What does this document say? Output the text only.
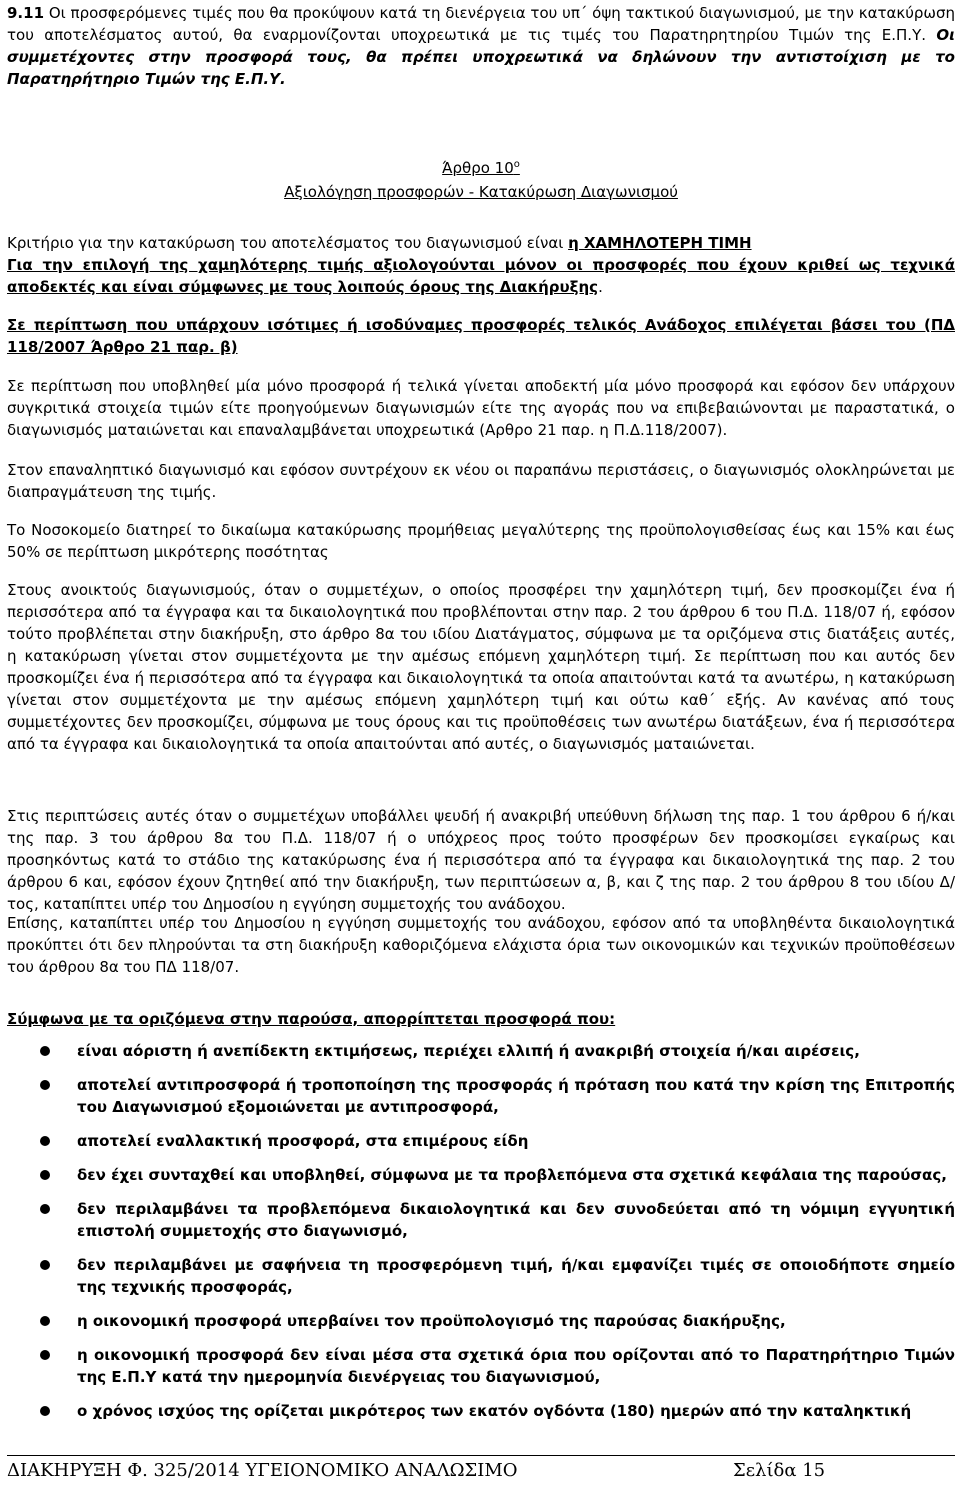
9.11 Οι προσφερόμενες τιμές που θα προκύψουν κατά τη διενέργεια του υπ΄ όψη τακτικού διαγωνισμού, με την κατακύρωση του αποτελέσματος αυτού, θα εναρμονίζονται υποχρεωτικά με τις τιμές του Παρατηρητηρίου Τιμών της Ε.Π.Υ. Οι συμμετέχοντες στην προσφορά τους, θα πρέπει υποχρεωτικά να δηλώνουν την αντιστοίχιση με το Παρατηρήτηριο Τιμών της Ε.Π.Υ.

Άρθρο $10^o$
Αξιολόγηση προσφορών - Κατακύρωση Διαγωνισμού

Κριτήριο για την κατακύρωση του αποτελέσματος του διαγωνισμού είναι η ΧΑΜΗΛΟΤΕΡΗ ΤΙΜΗ

Για την επιλογή της χαμηλότερης τιμής αξιολογούνται μόνον οι προσφορές που έχουν κριθεί ως τεχνικά αποδεκτές και είναι σύμφωνες με τους λοιπούς όρους της Διακήρυξης.

Σε περίπτωση που υπάρχουν ισότιμες ή ισοδύναμες προσφορές τελικός Ανάδοχος επιλέγεται βάσει του (ΠΔ 118/2007 Άρθρο 21 παρ. β)

Σε περίπτωση που υποβληθεί μία μόνο προσφορά ή τελικά γίνεται αποδεκτή μία μόνο προσφορά και εφόσον δεν υπάρχουν συγκριτικά στοιχεία τιμών είτε προηγούμενων διαγωνισμών είτε της αγοράς που να επιβεβαιώνονται με παραστατικά, ο διαγωνισμός ματαιώνεται και επαναλαμβάνεται υποχρεωτικά (Αρθρο 21 παρ. η Π.Δ.118/2007).

Στον επαναληπτικό διαγωνισμό και εφόσον συντρέχουν εκ νέου οι παραπάνω περιστάσεις, ο διαγωνισμός ολοκληρώνεται με διαπραγμάτευση της τιμής.

Το Νοσοκομείο διατηρεί το δικαίωμα κατακύρωσης προμήθειας μεγαλύτερης της προϋπολογισθείσας έως και 15% και έως 50% σε περίπτωση μικρότερης ποσότητας

Στους ανοικτούς διαγωνισμούς, όταν ο συμμετέχων, ο οποίος προσφέρει την χαμηλότερη τιμή, δεν προσκομίζει ένα ή περισσότερα από τα έγγραφα και τα δικαιολογητικά που προβλέπονται στην παρ. 2 του άρθρου 6 του Π.Δ. 118/07 ή, εφόσον τούτο προβλέπεται στην διακήρυξη, στο άρθρο 8α του ιδίου Διατάγματος, σύμφωνα με τα οριζόμενα στις διατάξεις αυτές, η κατακύρωση γίνεται στον συμμετέχοντα με την αμέσως επόμενη χαμηλότερη τιμή. Σε περίπτωση που και αυτός δεν προσκομίζει ένα ή περισσότερα από τα έγγραφα και δικαιολογητικά τα οποία απαιτούνται κατά τα ανωτέρω, η κατακύρωση γίνεται στον συμμετέχοντα με την αμέσως επόμενη χαμηλότερη τιμή και ούτω καθ΄ εξής. Αν κανένας από τους συμμετέχοντες δεν προσκομίζει, σύμφωνα με τους όρους και τις προϋποθέσεις των ανωτέρω διατάξεων, ένα ή περισσότερα από τα έγγραφα και δικαιολογητικά τα οποία απαιτούνται από αυτές, ο διαγωνισμός ματαιώνεται.

Στις περιπτώσεις αυτές όταν ο συμμετέχων υποβάλλει ψευδή ή ανακριβή υπεύθυνη δήλωση της παρ. 1 του άρθρου 6 ή/και της παρ. 3 του άρθρου 8α του Π.Δ. 118/07 ή ο υπόχρεος προς τούτο προσφέρων δεν προσκομίσει εγκαίρως και προσηκόντως κατά το στάδιο της κατακύρωσης ένα ή περισσότερα από τα έγγραφα και δικαιολογητικά της παρ. 2 του άρθρου 6 και, εφόσον έχουν ζητηθεί από την διακήρυξη, των περιπτώσεων α, β, και ζ της παρ. 2 του άρθρου 8 του ιδίου Δ/τος, καταπίπτει υπέρ του Δημοσίου η εγγύηση συμμετοχής του ανάδοχου.

Επίσης, καταπίπτει υπέρ του Δημοσίου η εγγύηση συμμετοχής του ανάδοχου, εφόσον από τα υποβληθέντα δικαιολογητικά προκύπτει ότι δεν πληρούνται τα στη διακήρυξη καθοριζόμενα ελάχιστα όρια των οικονομικών και τεχνικών προϋποθέσεων του άρθρου 8α του ΠΔ 118/07.

Σύμφωνα με τα οριζόμενα στην παρούσα, απορρίπτεται προσφορά που:

είναι αόριστη ή ανεπίδεκτη εκτιμήσεως, περιέχει ελλιπή ή ανακριβή στοιχεία ή/και αιρέσεις,
αποτελεί αντιπροσφορά ή τροποποίηση της προσφοράς ή πρόταση που κατά την κρίση της Επιτροπής του Διαγωνισμού εξομοιώνεται με αντιπροσφορά,
αποτελεί εναλλακτική προσφορά, στα επιμέρους είδη
δεν έχει συνταχθεί και υποβληθεί, σύμφωνα με τα προβλεπόμενα στα σχετικά κεφάλαια της παρούσας,
δεν περιλαμβάνει τα προβλεπόμενα δικαιολογητικά και δεν συνοδεύεται από τη νόμιμη εγγυητική επιστολή συμμετοχής στο διαγωνισμό,
δεν περιλαμβάνει με σαφήνεια τη προσφερόμενη τιμή, ή/και εμφανίζει τιμές σε οποιοδήποτε σημείο της τεχνικής προσφοράς,
η οικονομική προσφορά υπερβαίνει τον προϋπολογισμό της παρούσας διακήρυξης,
η οικονομική προσφορά δεν είναι μέσα στα σχετικά όρια που ορίζονται από το Παρατηρήτηριο Τιμών της Ε.Π.Υ κατά την ημερομηνία διενέργειας του διαγωνισμού,
ο χρόνος ισχύος της ορίζεται μικρότερος των εκατόν ογδόντα (180) ημερών από την καταληκτική
ΔΙΑΚΗΡΥΞΗ Φ. 325/2014 ΥΓΕΙΟΝΟΜΙΚΟ ΑΝΑΛΩΣΙΜΟ	Σελίδα 15
